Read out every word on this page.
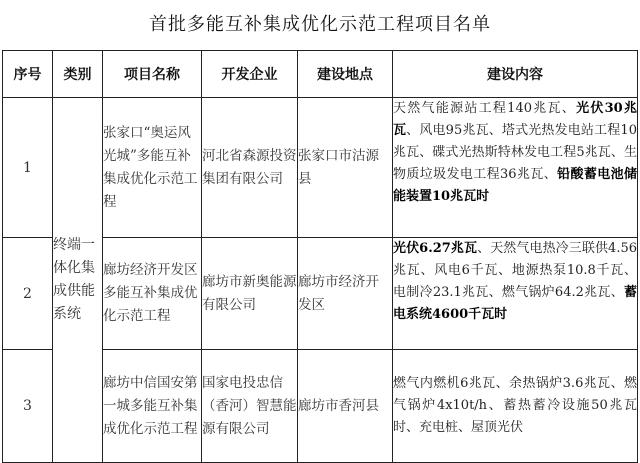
首批多能互补集成优化示范工程项目名单
序号	类别	项目名称	开发企业	建设地点	建设内容
1	终端一体化集成供能系统	张家口“奥运风光城”多能互补集成优化示范工程	河北省森源投资集团有限公司	张家口市沽源县	天然气能源站工程140兆瓦、光伏30兆瓦、风电95兆瓦、塔式光热发电站工程10兆瓦、碟式光热斯特林发电工程5兆瓦、生物质垃圾发电工程36兆瓦、铅酸蓄电池储能装置10兆瓦时
2		廊坊经济开发区多能互补集成优化示范工程	廊坊市新奥能源有限公司	廊坊市经济开发区	光伏6.27兆瓦、天然气电热冷三联供4.56兆瓦、风电6千瓦、地源热泵10.8千瓦、电制冷23.1兆瓦、燃气锅炉64.2兆瓦、蓄电系统4600千瓦时
3		廊坊中信国安第一城多能互补集成优化示范工程	国家电投忠信（香河）智慧能源有限公司	廊坊市香河县	燃气内燃机6兆瓦、余热锅炉3.6兆瓦、燃气锅炉4x10t/h、蓄热蓄冷设施50兆瓦时、充电桩、屋顶光伏
